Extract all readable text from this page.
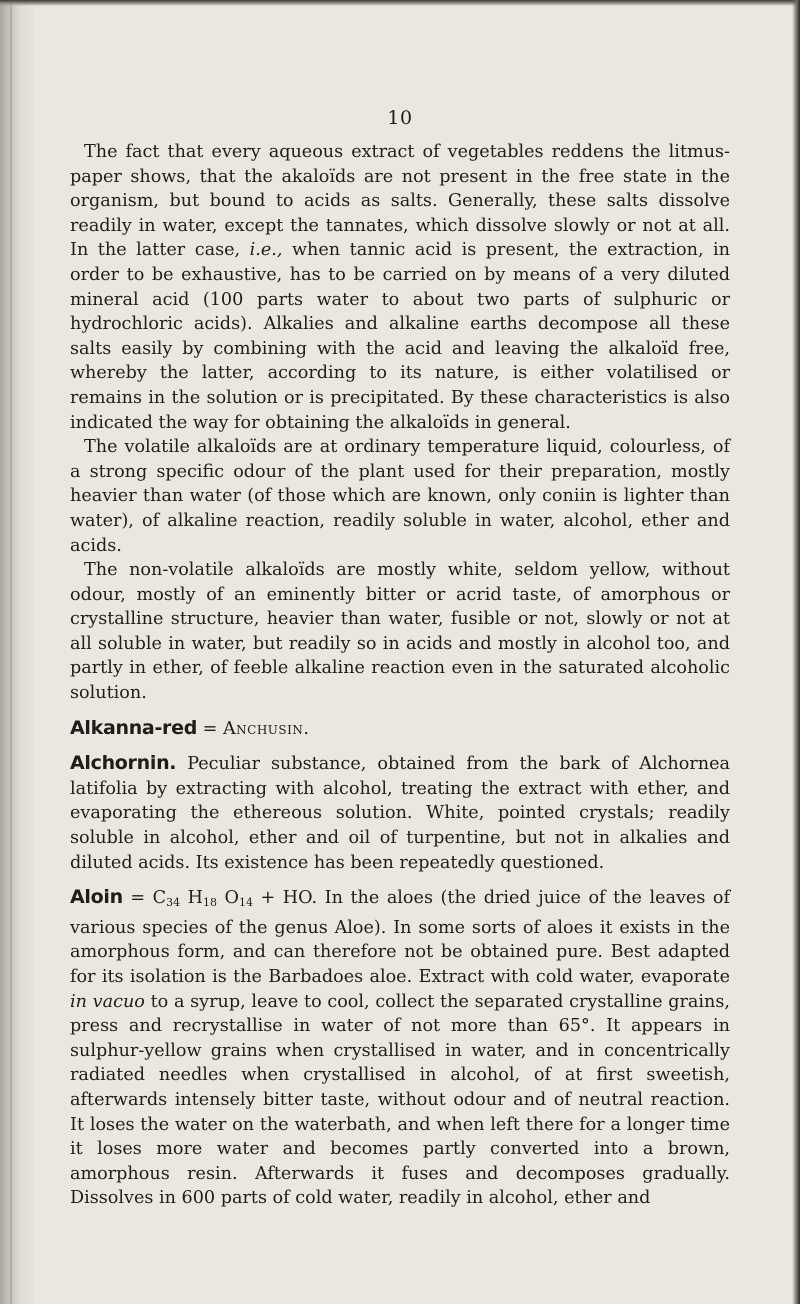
10

The fact that every aqueous extract of vegetables reddens the litmus-paper shows, that the akaloïds are not present in the free state in the organism, but bound to acids as salts. Generally, these salts dissolve readily in water, except the tannates, which dissolve slowly or not at all. In the latter case, i.e., when tannic acid is present, the extraction, in order to be exhaustive, has to be carried on by means of a very diluted mineral acid (100 parts water to about two parts of sulphuric or hydrochloric acids). Alkalies and alkaline earths decompose all these salts easily by combining with the acid and leaving the alkaloïd free, whereby the latter, according to its nature, is either volatilised or remains in the solution or is precipitated. By these characteristics is also indicated the way for obtaining the alkaloïds in general.

The volatile alkaloïds are at ordinary temperature liquid, colourless, of a strong specific odour of the plant used for their preparation, mostly heavier than water (of those which are known, only coniin is lighter than water), of alkaline reaction, readily soluble in water, alcohol, ether and acids.

The non-volatile alkaloïds are mostly white, seldom yellow, without odour, mostly of an eminently bitter or acrid taste, of amorphous or crystalline structure, heavier than water, fusible or not, slowly or not at all soluble in water, but readily so in acids and mostly in alcohol too, and partly in ether, of feeble alkaline reaction even in the saturated alcoholic solution.

Alkanna-red = Anchusin.

Alchornin. Peculiar substance, obtained from the bark of Alchornea latifolia by extracting with alcohol, treating the extract with ether, and evaporating the ethereous solution. White, pointed crystals; readily soluble in alcohol, ether and oil of turpentine, but not in alkalies and diluted acids. Its existence has been repeatedly questioned.

Aloin = $C_{34}$ $H_{18}$ $O_{14}$ + HO. In the aloes (the dried juice of the leaves of various species of the genus Aloe). In some sorts of aloes it exists in the amorphous form, and can therefore not be obtained pure. Best adapted for its isolation is the Barbadoes aloe. Extract with cold water, evaporate in vacuo to a syrup, leave to cool, collect the separated crystalline grains, press and recrystallise in water of not more than 65°. It appears in sulphur-yellow grains when crystallised in water, and in concentrically radiated needles when crystallised in alcohol, of at first sweetish, afterwards intensely bitter taste, without odour and of neutral reaction. It loses the water on the waterbath, and when left there for a longer time it loses more water and becomes partly converted into a brown, amorphous resin. Afterwards it fuses and decomposes gradually. Dissolves in 600 parts of cold water, readily in alcohol, ether and
